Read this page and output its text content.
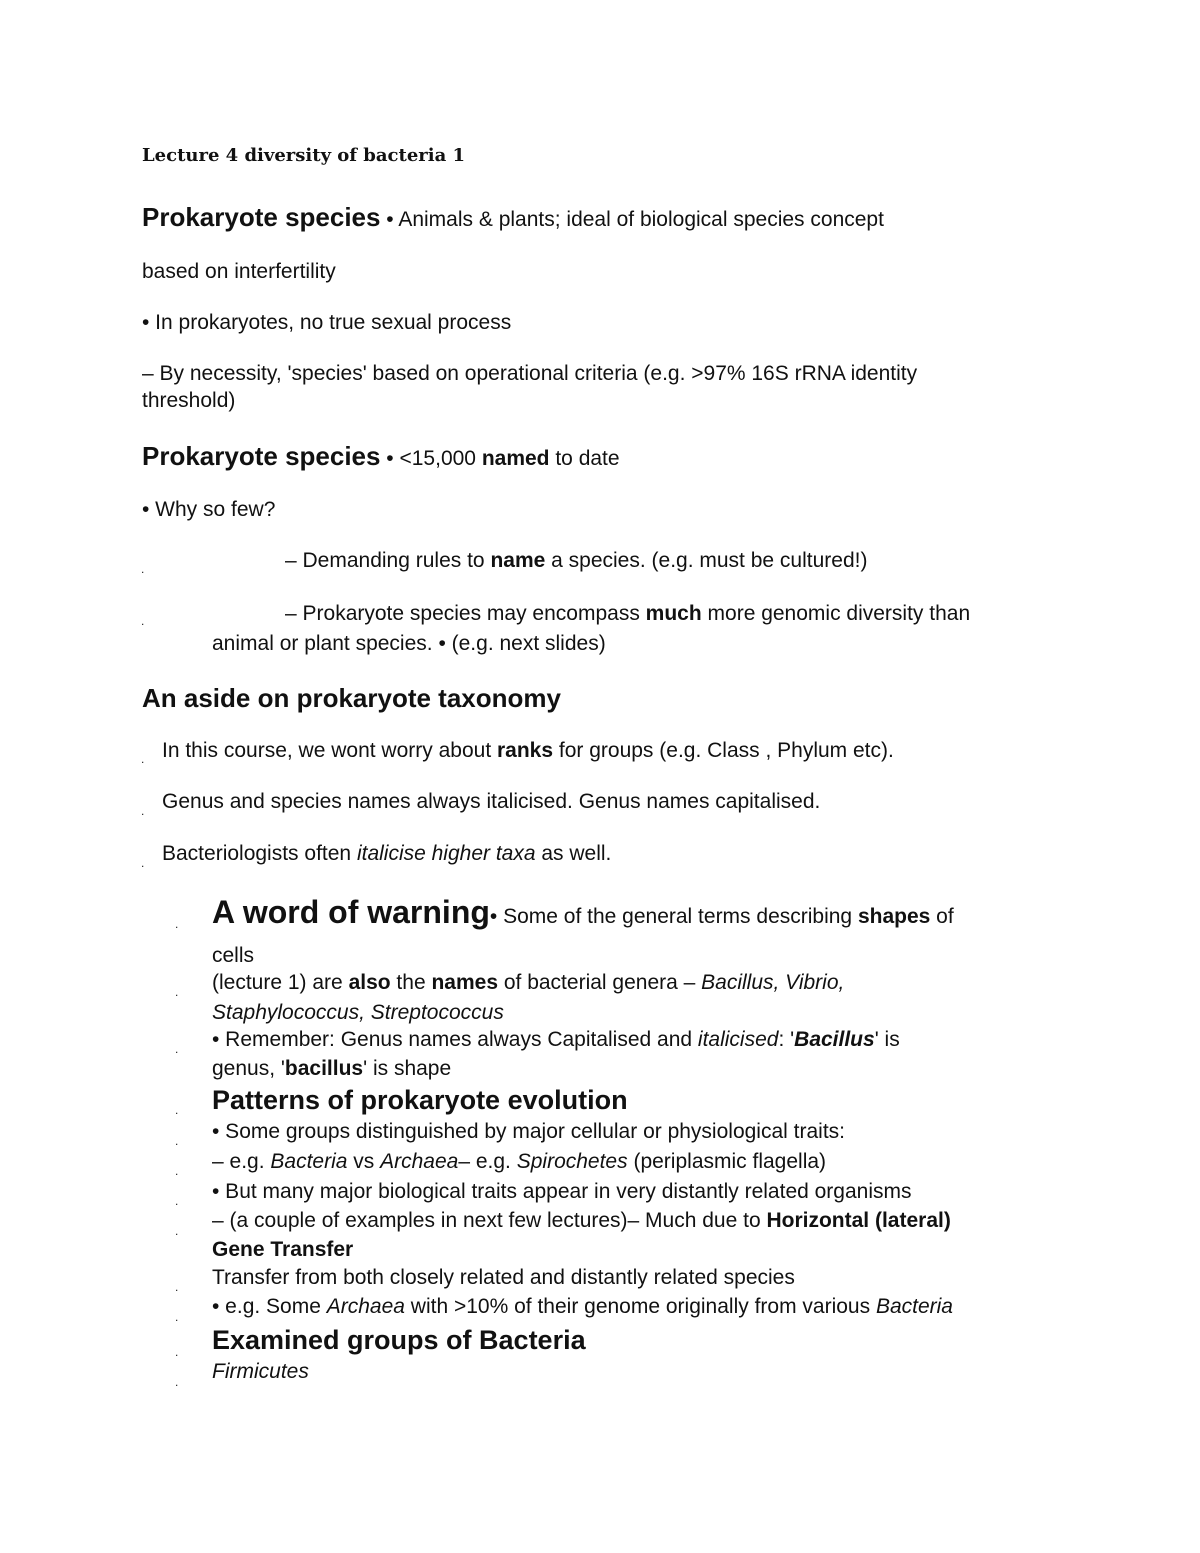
Lecture 4 diversity of bacteria 1
Prokaryote species • Animals & plants; ideal of biological species concept
based on interfertility
• In prokaryotes, no true sexual process
– By necessity, 'species' based on operational criteria (e.g. >97% 16S rRNA identity
threshold)
Prokaryote species • <15,000 named to date
• Why so few?
.	– Demanding rules to name a species. (e.g. must be cultured!)
.	– Prokaryote species may encompass much more genomic diversity than
animal or plant species. • (e.g. next slides)
An aside on prokaryote taxonomy
. In this course, we wont worry about ranks for groups (e.g. Class , Phylum etc).
. Genus and species names always italicised. Genus names capitalised.
. Bacteriologists often italicise higher taxa as well.
. A word of warning• Some of the general terms describing shapes of
cells
. (lecture 1) are also the names of bacterial genera – Bacillus, Vibrio,
Staphylococcus, Streptococcus
. • Remember: Genus names always Capitalised and italicised: 'Bacillus' is
genus, 'bacillus' is shape
. Patterns of prokaryote evolution
. • Some groups distinguished by major cellular or physiological traits:
. – e.g. Bacteria vs Archaea– e.g. Spirochetes (periplasmic flagella)
. • But many major biological traits appear in very distantly related organisms
. – (a couple of examples in next few lectures)– Much due to Horizontal (lateral)
Gene Transfer
. Transfer from both closely related and distantly related species
. • e.g. Some Archaea with >10% of their genome originally from various Bacteria
. Examined groups of Bacteria
. Firmicutes
